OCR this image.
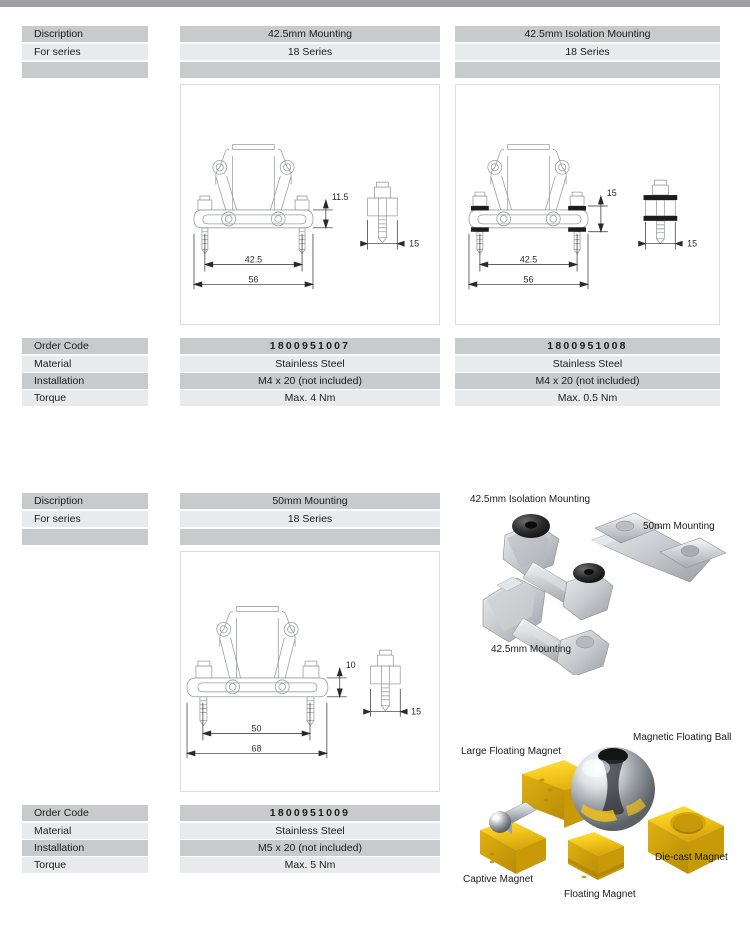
Discription
For series
42.5mm Mounting
18 Series
42.5mm Isolation Mounting
18 Series
11.5
42.5
56
15
15
42.5
56
15
Order Code
Material
Installation
Torque
1800951007
Stainless Steel
M4 x 20 (not included)
Max. 4 Nm
1800951008
Stainless Steel
M4 x 20 (not included)
Max. 0.5 Nm
Discription
For series
50mm Mounting
18 Series
10
50
68
15
Order Code
Material
Installation
Torque
1800951009
Stainless Steel
M5 x 20 (not included)
Max. 5 Nm
42.5mm Isolation Mounting
50mm Mounting
42.5mm Mounting
Magnetic Floating Ball
Large Floating Magnet
Captive Magnet
Floating Magnet
Die-cast Magnet
